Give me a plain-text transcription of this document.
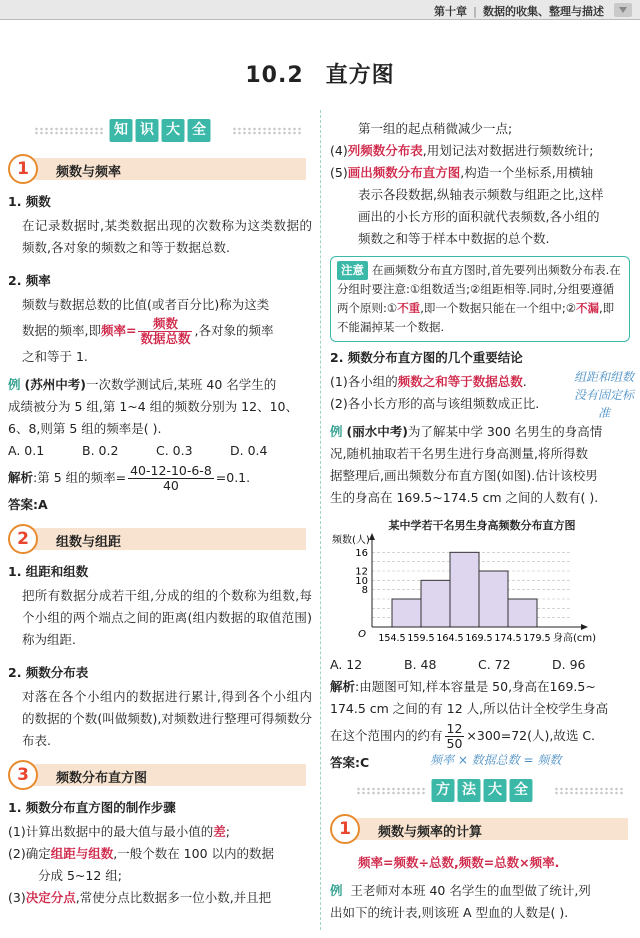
第十章 | 数据的收集、整理与描述
10.2 直方图
知 识 大 全
1	频数与频率
1. 频数
在记录数据时,某类数据出现的次数称为这类数据的频数,各对象的频数之和等于数据总数.
2. 频率
频数与数据总数的比值(或者百分比)称为这类
数据的频率,即频率= $\frac{\text{频数}}{\text{数据总数}}$ ,各对象的频率
之和等于 1.
例 (苏州中考)一次数学测试后,某班 40 名学生的
成绩被分为 5 组,第 1~4 组的频数分别为 12、10、
6、8,则第 5 组的频率是( ).
A. 0.1	B. 0.2	C. 0.3	D. 0.4
解析:第 5 组的频率= $\frac{40-12-10-6-8}{40} =0.1$.
答案:A
2	组数与组距
1. 组距和组数
把所有数据分成若干组,分成的组的个数称为组数,每个小组的两个端点之间的距离(组内数据的取值范围)称为组距.
2. 频数分布表
对落在各个小组内的数据进行累计,得到各个小组内的数据的个数(叫做频数),对频数进行整理可得频数分布表.
3	频数分布直方图
1. 频数分布直方图的制作步骤
(1)计算出数据中的最大值与最小值的差;
(2)确定组距与组数,一般个数在 100 以内的数据
分成 5~12 组;
(3)决定分点,常使分点比数据多一位小数,并且把
第一组的起点稍微减少一点;
(4)列频数分布表,用划记法对数据进行频数统计;
(5)画出频数分布直方图,构造一个坐标系,用横轴
表示各段数据,纵轴表示频数与组距之比,这样
画出的小长方形的面积就代表频数,各小组的
频数之和等于样本中数据的总个数.
注意 在画频数分布直方图时,首先要列出频数分布表.在分组时要注意:①组数适当;②组距相等.同时,分组要遵循两个原则:①不重,即一个数据只能在一个组中;②不漏,即不能漏掉某一个数据.
2. 频数分布直方图的几个重要结论
(1)各小组的频数之和等于数据总数.
(2)各小长方形的高与该组频数成正比.
例 (丽水中考)为了解某中学 300 名男生的身高情
况,随机抽取若干名男生进行身高测量,将所得数
据整理后,画出频数分布直方图(如图).估计该校男
生的身高在 169.5~174.5 cm 之间的人数有( ).
某中学若干名男生身高频数分布直方图
16
12
10
8
O
频数(人)
154.5 159.5 164.5 169.5 174.5 179.5 身高(cm)
A. 12	B. 48	C. 72	D. 96
解析:由题图可知,样本容量是 50,身高在169.5~
174.5 cm 之间的有 12 人,所以估计全校学生身高
在这个范围内的约有 $\frac{12}{50} \times 300=72$(人),故选 C.
答案:C
方 法 大 全
1	频数与频率的计算
频率=频数÷总数,频数=总数×频率.
例 王老师对本班 40 名学生的血型做了统计,列
出如下的统计表,则该班 A 型血的人数是( ).
组距和组数没有固定标准
频率 × 数据总数 = 频数
